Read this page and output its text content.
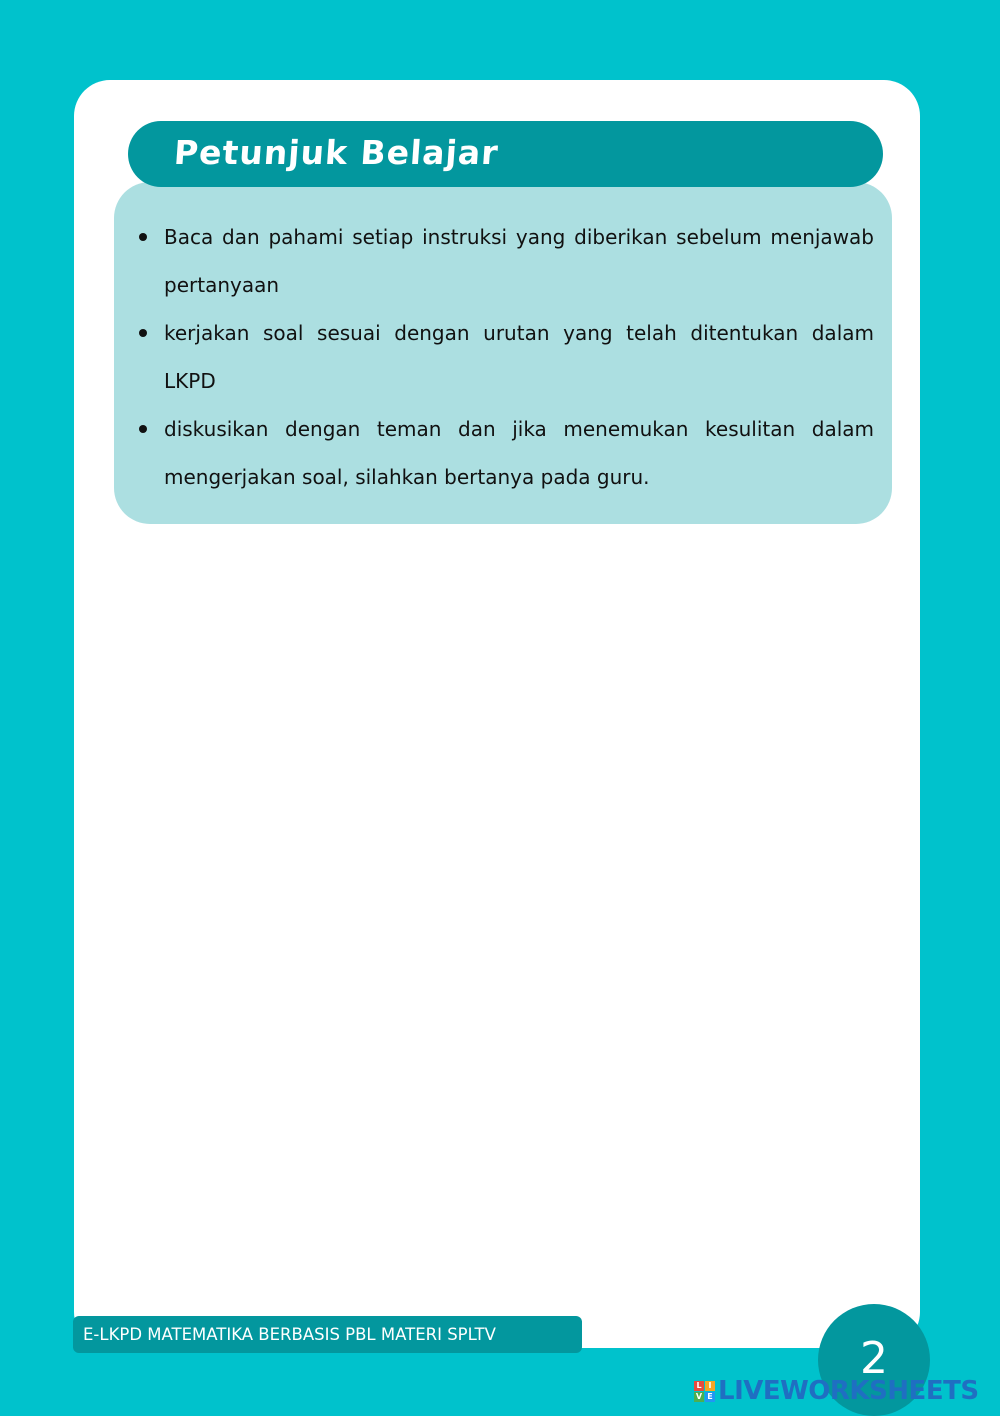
Petunjuk Belajar
Baca dan pahami setiap instruksi yang diberikan sebelum menjawab pertanyaan
kerjakan soal sesuai dengan urutan yang telah ditentukan dalam LKPD
diskusikan dengan teman dan jika menemukan kesulitan dalam mengerjakan soal, silahkan bertanya pada guru.
E-LKPD MATEMATIKA BERBASIS PBL MATERI SPLTV	2
L I
V E LIVEWORKSHEETS
